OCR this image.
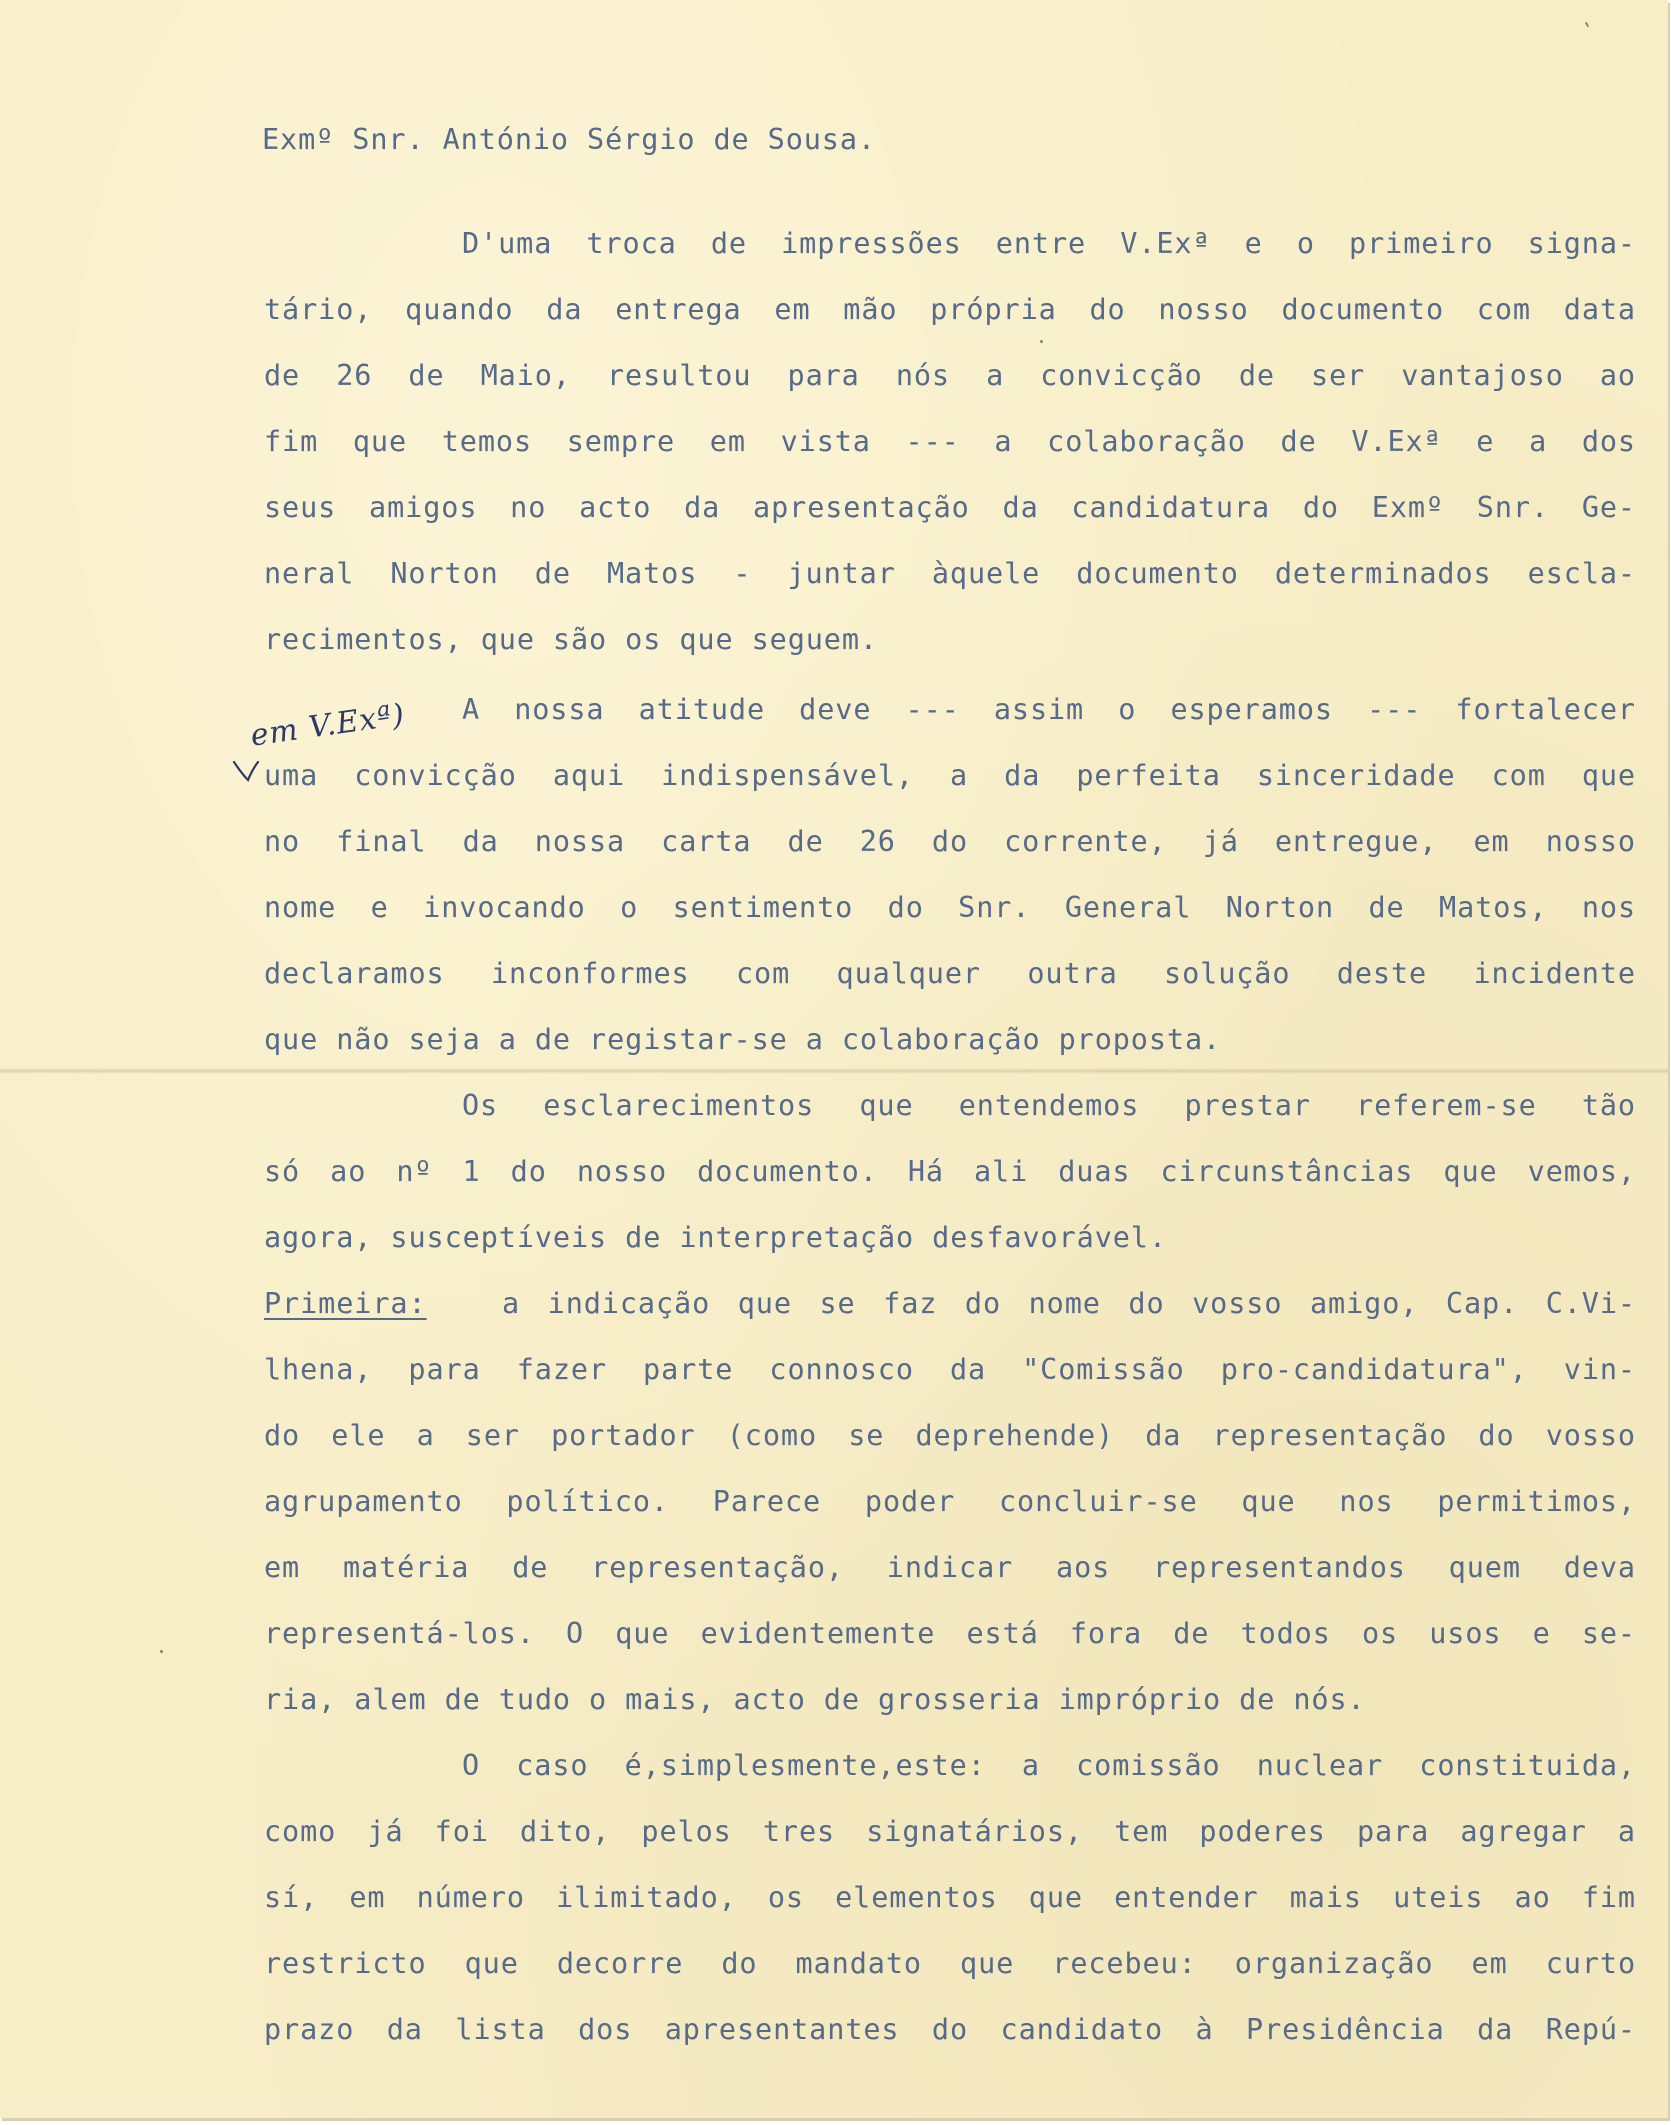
Exmº Snr. António Sérgio de Sousa.

D'uma troca de impressões entre V.Exª e o primeiro signa-

tário, quando da entrega em mão própria do nosso documento com data

de 26 de Maio, resultou para nós a convicção de ser vantajoso ao

fim que temos sempre em vista --- a colaboração de V.Exª e a dos

seus amigos no acto da apresentação da candidatura do Exmº Snr. Ge-

neral Norton de Matos - juntar àquele documento determinados escla-

recimentos, que são os que seguem.

A nossa atitude deve --- assim o esperamos --- fortalecer

em V.Exª)

uma convicção aqui indispensável, a da perfeita sinceridade com que

no final da nossa carta de 26 do corrente, já entregue, em nosso

nome e invocando o sentimento do Snr. General Norton de Matos, nos

declaramos inconformes com qualquer outra solução deste incidente

que não seja a de registar-se a colaboração proposta.

Os esclarecimentos que entendemos prestar referem-se tão

só ao nº 1 do nosso documento. Há ali duas circunstâncias que vemos,

agora, susceptíveis de interpretação desfavorável.

Primeira:	a indicação que se faz do nome do vosso amigo, Cap. C.Vi-

lhena, para fazer parte connosco da "Comissão pro-candidatura", vin-

do ele a ser portador (como se deprehende) da representação do vosso

agrupamento político. Parece poder concluir-se que nos permitimos,

em matéria de representação, indicar aos representandos quem deva

representá-los. O que evidentemente está fora de todos os usos e se-

ria, alem de tudo o mais, acto de grosseria impróprio de nós.

O caso é,simplesmente,este: a comissão nuclear constituida,

como já foi dito, pelos tres signatários, tem poderes para agregar a

sí, em número ilimitado, os elementos que entender mais uteis ao fim

restricto que decorre do mandato que recebeu: organização em curto

prazo da lista dos apresentantes do candidato à Presidência da Repú-
